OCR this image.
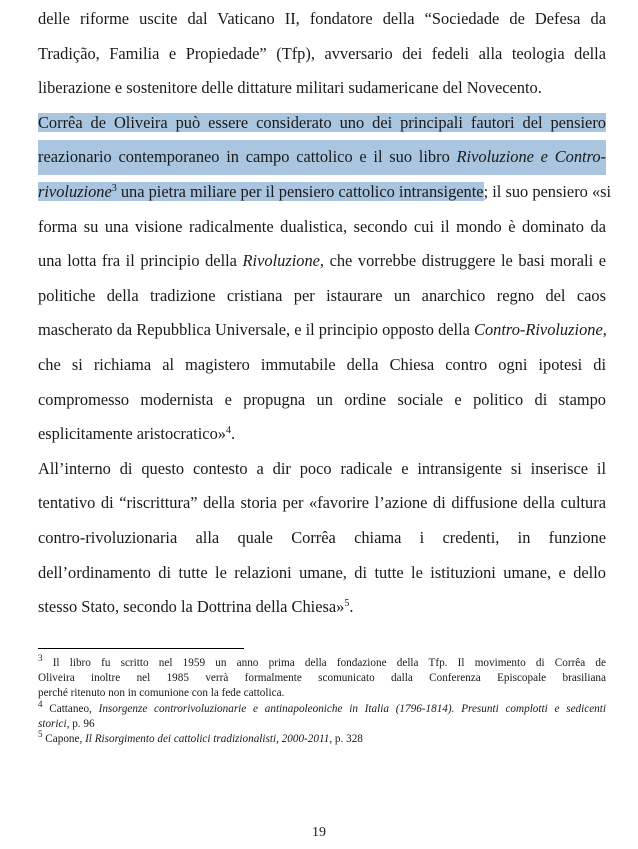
delle riforme uscite dal Vaticano II, fondatore della “Sociedade de Defesa da
Tradição, Familia e Propiedade” (Tfp), avversario dei fedeli alla teologia della
liberazione e sostenitore delle dittature militari sudamericane del Novecento.
Corrêa de Oliveira può essere considerato uno dei principali fautori del pensiero
reazionario contemporaneo in campo cattolico e il suo libro Rivoluzione e Contro-
rivoluzione$^3$ una pietra miliare per il pensiero cattolico intransigente; il suo pensiero «si
forma su una visione radicalmente dualistica, secondo cui il mondo è dominato da
una lotta fra il principio della Rivoluzione, che vorrebbe distruggere le basi morali e
politiche della tradizione cristiana per istaurare un anarchico regno del caos
mascherato da Repubblica Universale, e il principio opposto della Contro-Rivoluzione,
che si richiama al magistero immutabile della Chiesa contro ogni ipotesi di
compromesso modernista e propugna un ordine sociale e politico di stampo
esplicitamente aristocratico»$^4$.
All’interno di questo contesto a dir poco radicale e intransigente si inserisce il
tentativo di “riscrittura” della storia per «favorire l’azione di diffusione della cultura
contro-rivoluzionaria alla quale Corrêa chiama i credenti, in funzione
dell’ordinamento di tutte le relazioni umane, di tutte le istituzioni umane, e dello
stesso Stato, secondo la Dottrina della Chiesa»$^5$.
$^3$ Il libro fu scritto nel 1959 un anno prima della fondazione della Tfp. Il movimento di Corrêa de
Oliveira inoltre nel 1985 verrà formalmente scomunicato dalla Conferenza Episcopale brasiliana
perché ritenuto non in comunione con la fede cattolica.
$^4$ Cattaneo, Insorgenze controrivoluzionarie e antinapoleoniche in Italia (1796-1814). Presunti complotti e sedicenti
storici, p. 96
$^5$ Capone, Il Risorgimento dei cattolici tradizionalisti, 2000-2011, p. 328
19
